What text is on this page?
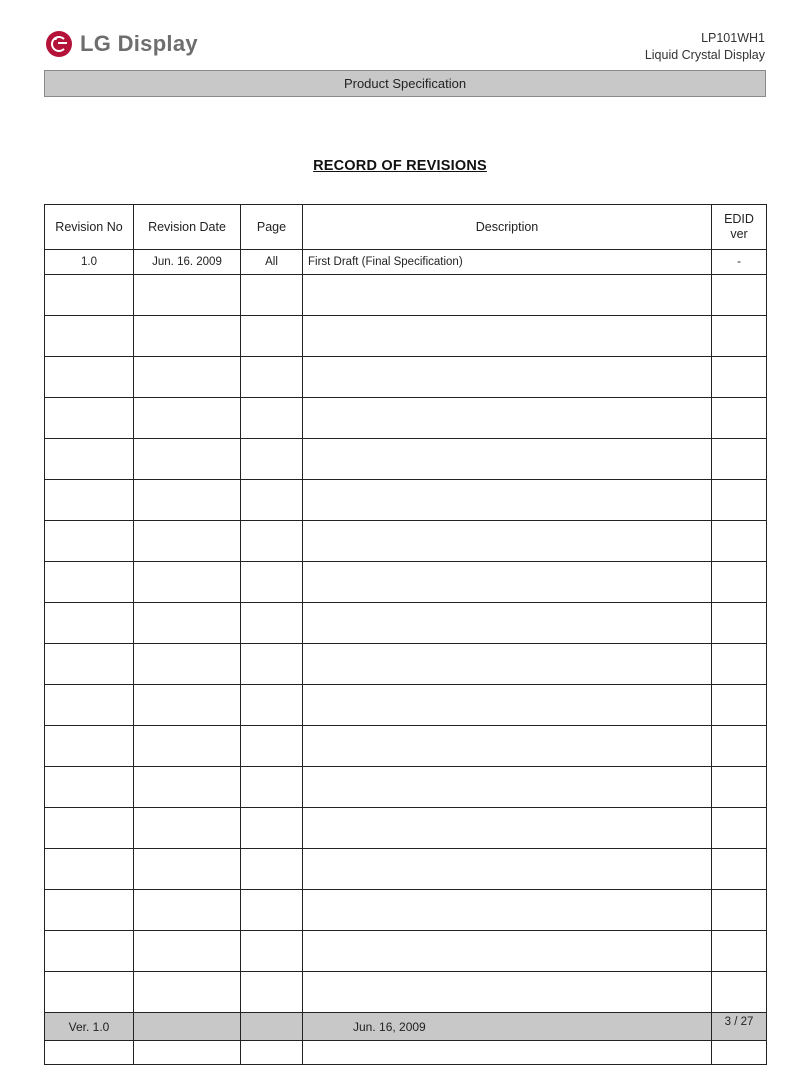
LG Display	LP101WH1
Liquid Crystal Display
Product Specification
RECORD OF REVISIONS
Revision No	Revision Date	Page	Description	EDID ver

1.0	Jun. 16. 2009	All	First Draft (Final Specification)	-

Ver. 1.0			Jun. 16, 2009	3 / 27
